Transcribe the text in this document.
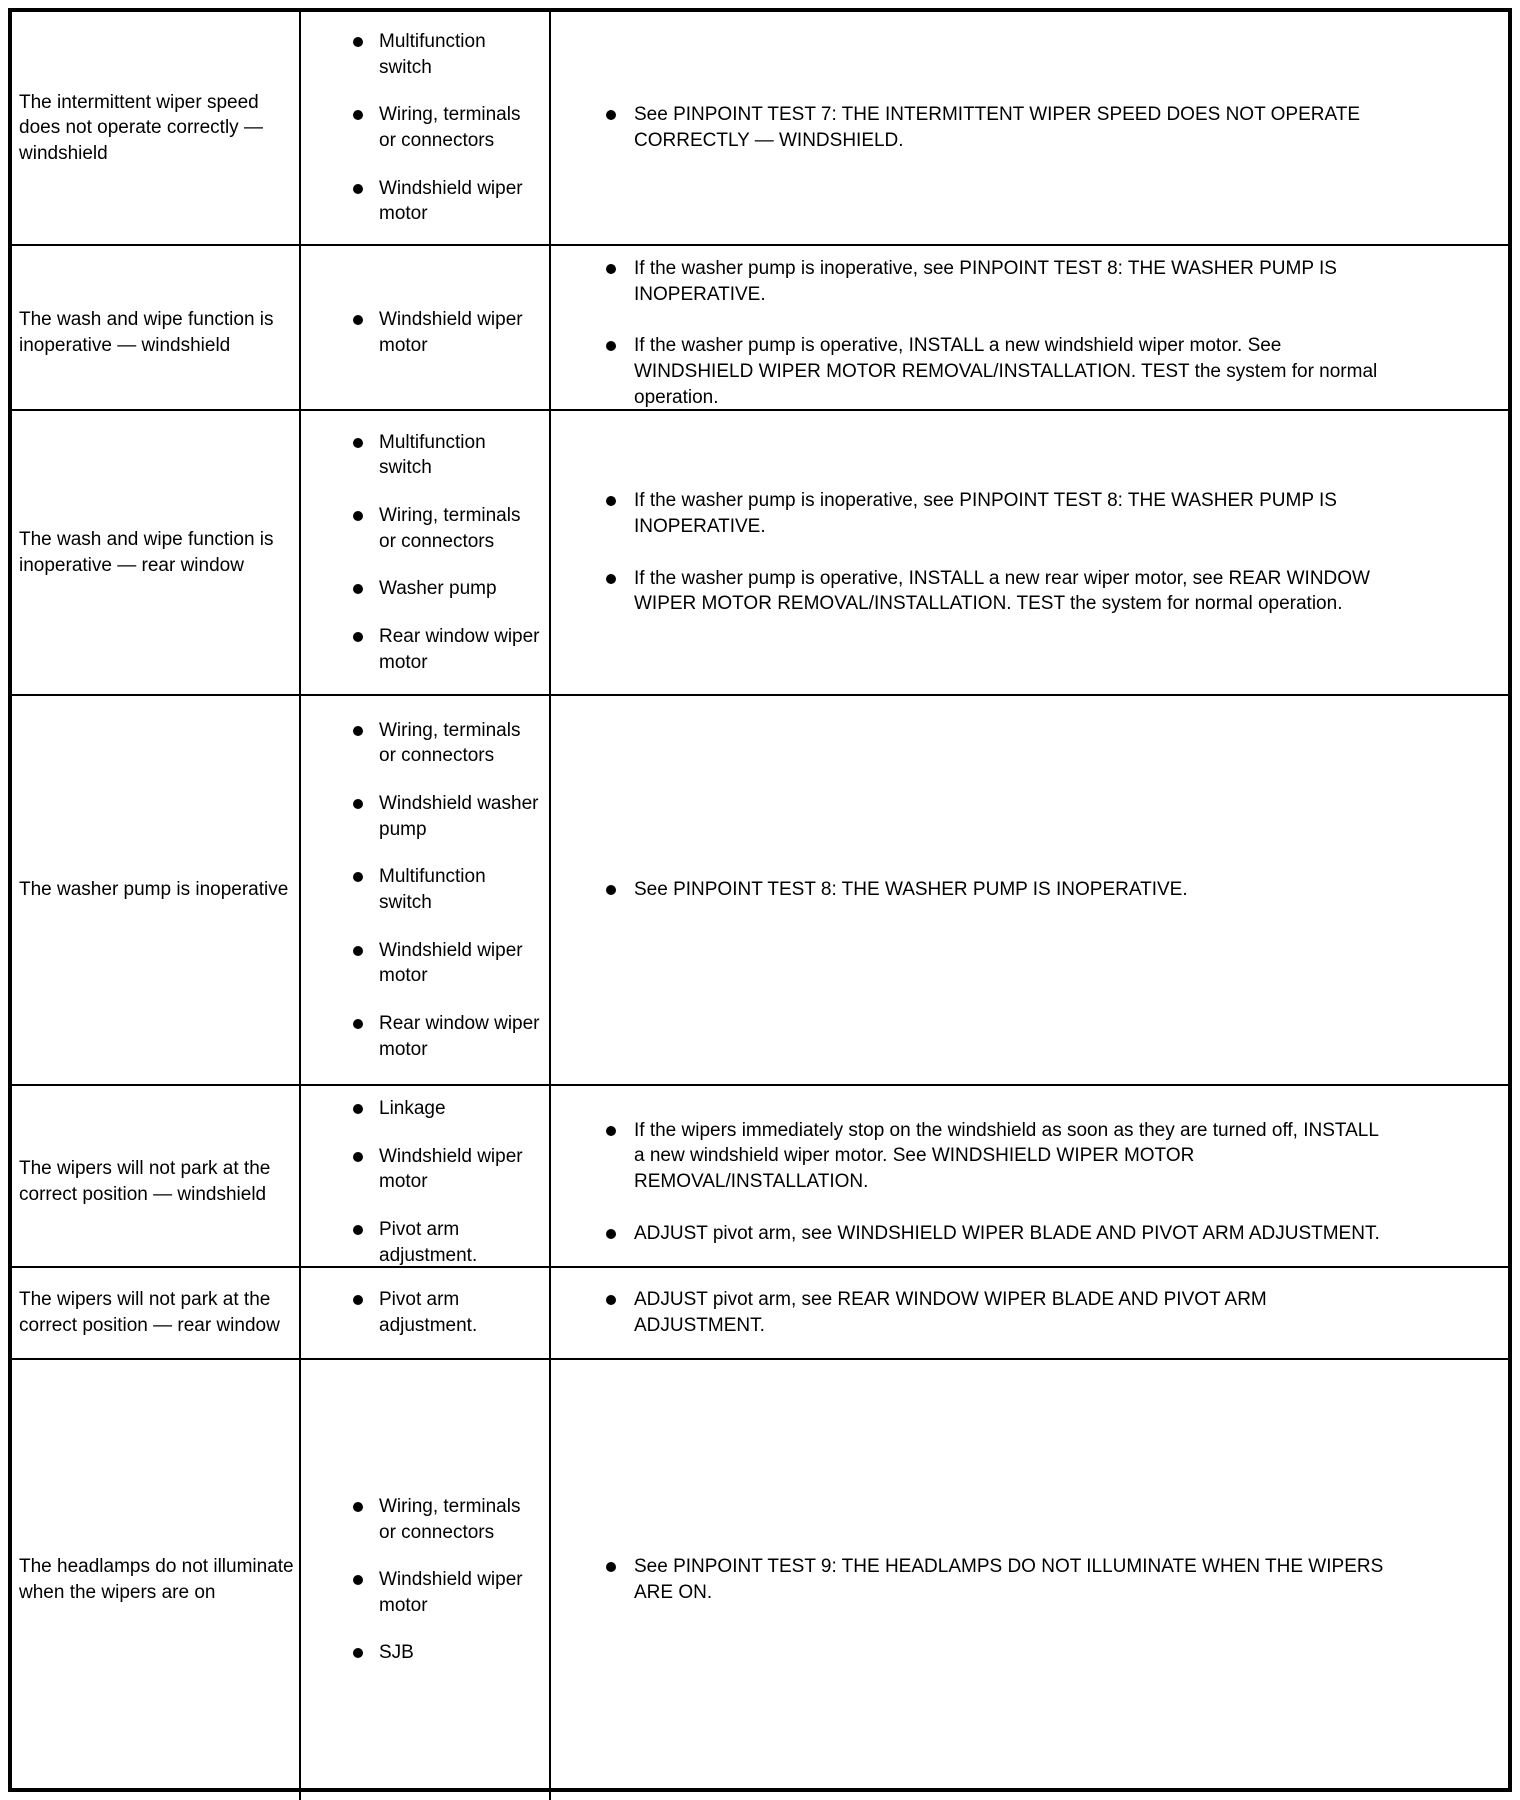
The intermittent wiper speed does not operate correctly — windshield

Multifunction switch
Wiring, terminals or connectors
Windshield wiper motor
See PINPOINT TEST 7: THE INTERMITTENT WIPER SPEED DOES NOT OPERATE CORRECTLY — WINDSHIELD.

The wash and wipe function is inoperative — windshield

Windshield wiper motor
If the washer pump is inoperative, see PINPOINT TEST 8: THE WASHER PUMP IS INOPERATIVE.
If the washer pump is operative, INSTALL a new windshield wiper motor. See WINDSHIELD WIPER MOTOR REMOVAL/INSTALLATION. TEST the system for normal operation.

The wash and wipe function is inoperative — rear window

Multifunction switch
Wiring, terminals or connectors
Washer pump
Rear window wiper motor
If the washer pump is inoperative, see PINPOINT TEST 8: THE WASHER PUMP IS INOPERATIVE.
If the washer pump is operative, INSTALL a new rear wiper motor, see REAR WINDOW WIPER MOTOR REMOVAL/INSTALLATION. TEST the system for normal operation.

The washer pump is inoperative

Wiring, terminals or connectors
Windshield washer pump
Multifunction switch
Windshield wiper motor
Rear window wiper motor
See PINPOINT TEST 8: THE WASHER PUMP IS INOPERATIVE.

The wipers will not park at the correct position — windshield

Linkage
Windshield wiper motor
Pivot arm adjustment.
If the wipers immediately stop on the windshield as soon as they are turned off, INSTALL a new windshield wiper motor. See WINDSHIELD WIPER MOTOR REMOVAL/INSTALLATION.
ADJUST pivot arm, see WINDSHIELD WIPER BLADE AND PIVOT ARM ADJUSTMENT.

The wipers will not park at the correct position — rear window

Pivot arm adjustment.
ADJUST pivot arm, see REAR WINDOW WIPER BLADE AND PIVOT ARM ADJUSTMENT.

The headlamps do not illuminate when the wipers are on

Wiring, terminals or connectors
Windshield wiper motor
SJB
See PINPOINT TEST 9: THE HEADLAMPS DO NOT ILLUMINATE WHEN THE WIPERS ARE ON.
